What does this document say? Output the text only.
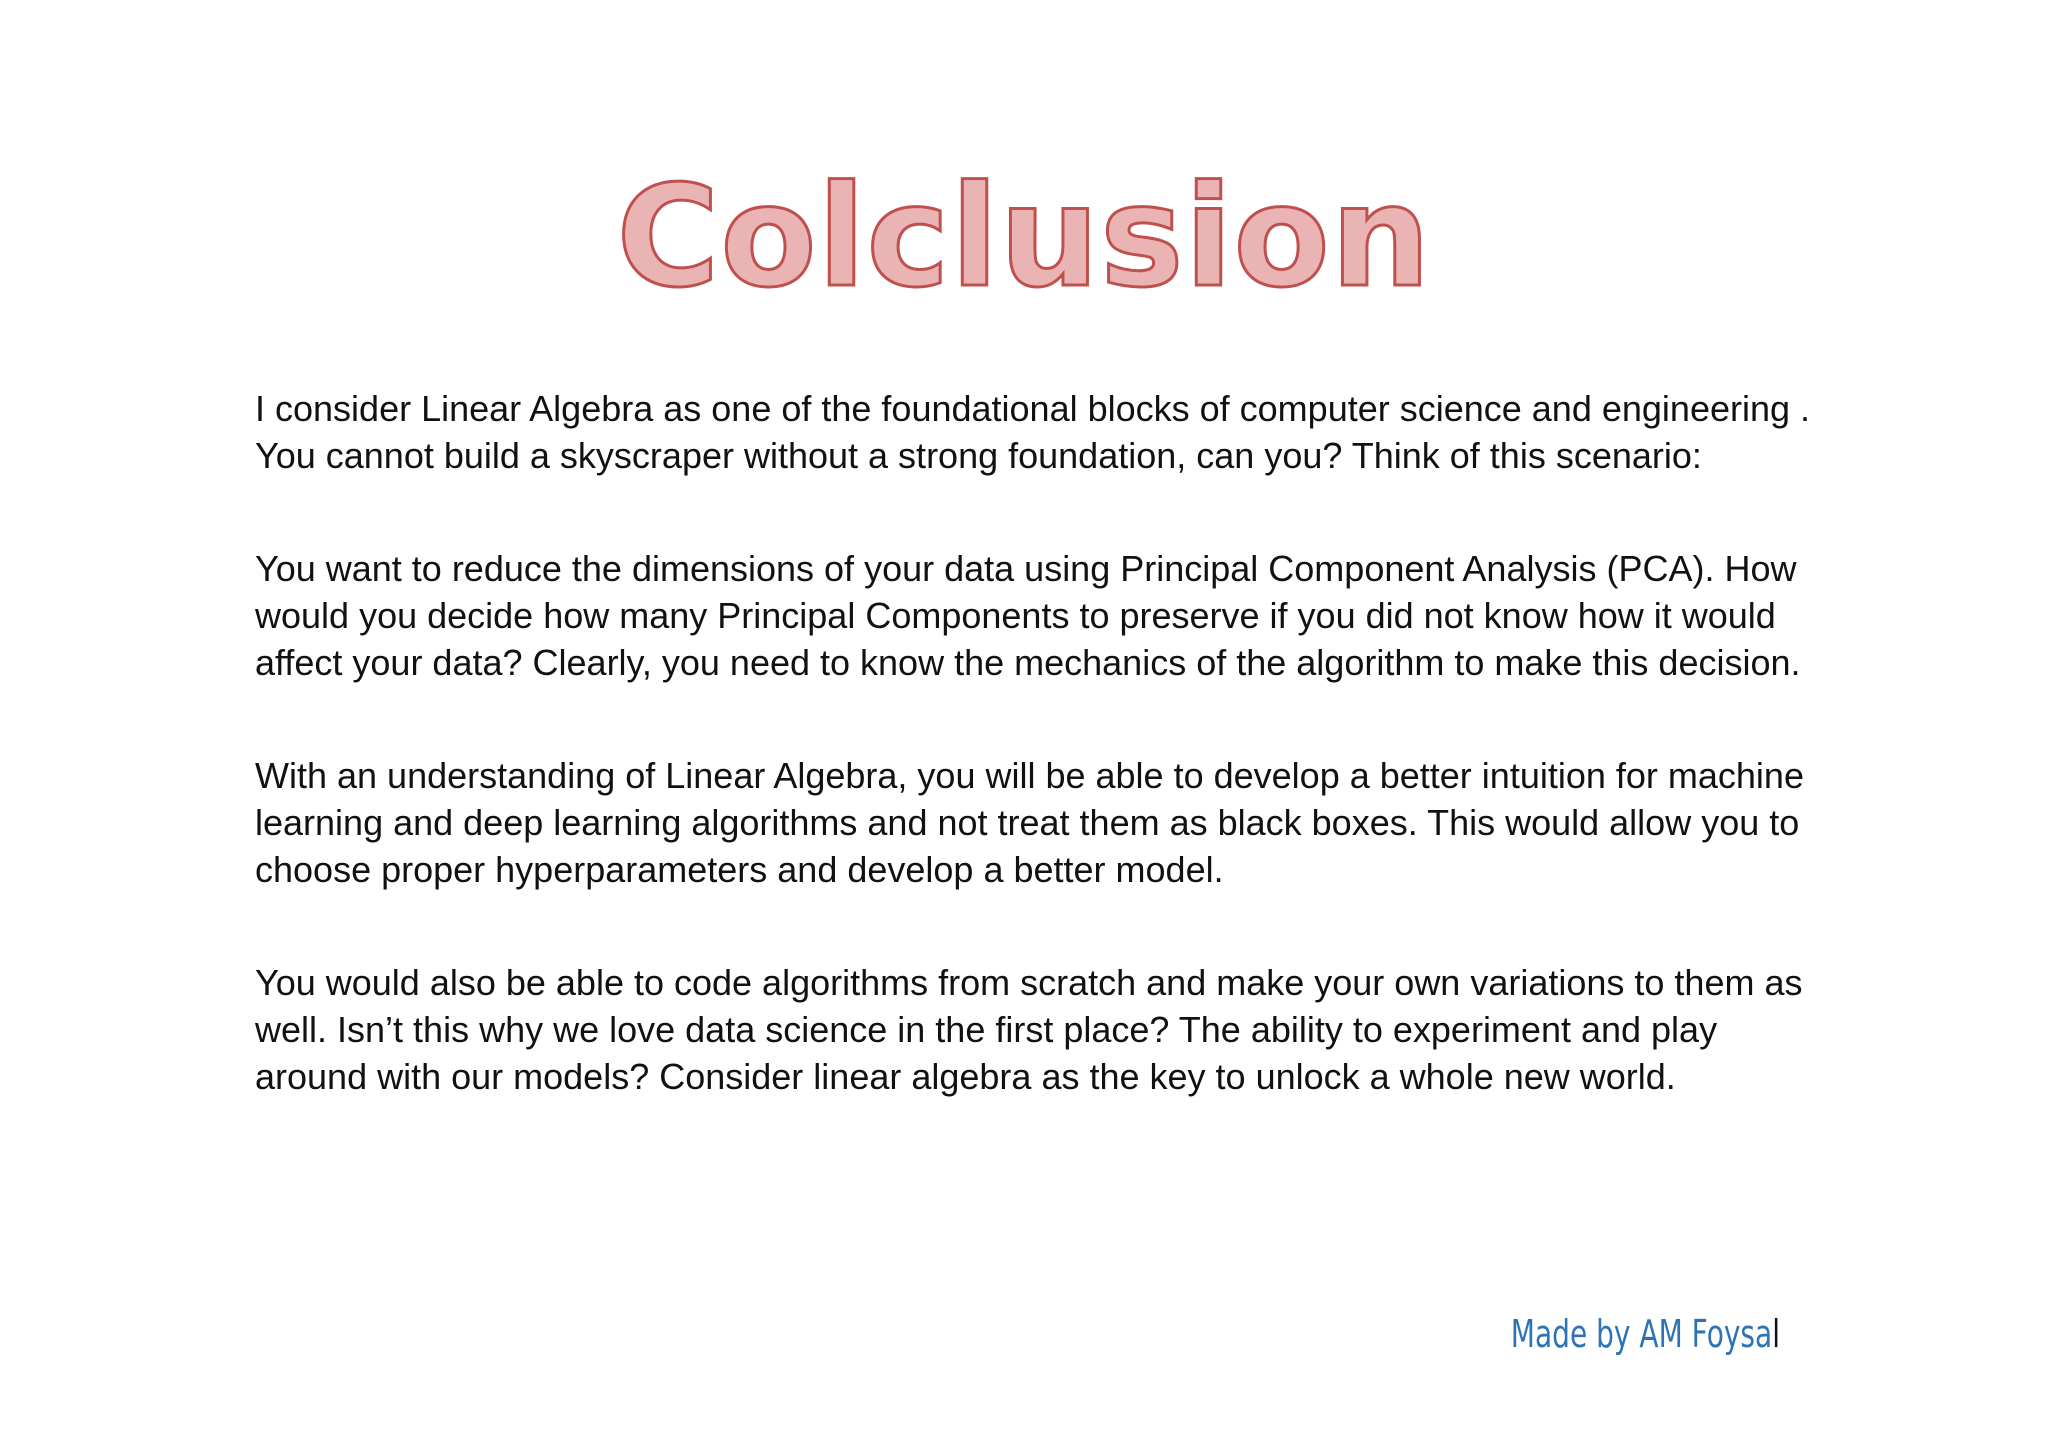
Colclusion

I consider Linear Algebra as one of the foundational blocks of computer science and engineering . You cannot build a skyscraper without a strong foundation, can you? Think of this scenario:

You want to reduce the dimensions of your data using Principal Component Analysis (PCA). How would you decide how many Principal Components to preserve if you did not know how it would affect your data? Clearly, you need to know the mechanics of the algorithm to make this decision.

With an understanding of Linear Algebra, you will be able to develop a better intuition for machine learning and deep learning algorithms and not treat them as black boxes. This would allow you to choose proper hyperparameters and develop a better model.

You would also be able to code algorithms from scratch and make your own variations to them as well. Isn’t this why we love data science in the first place? The ability to experiment and play around with our models? Consider linear algebra as the key to unlock a whole new world.

Made by AM Foysal
